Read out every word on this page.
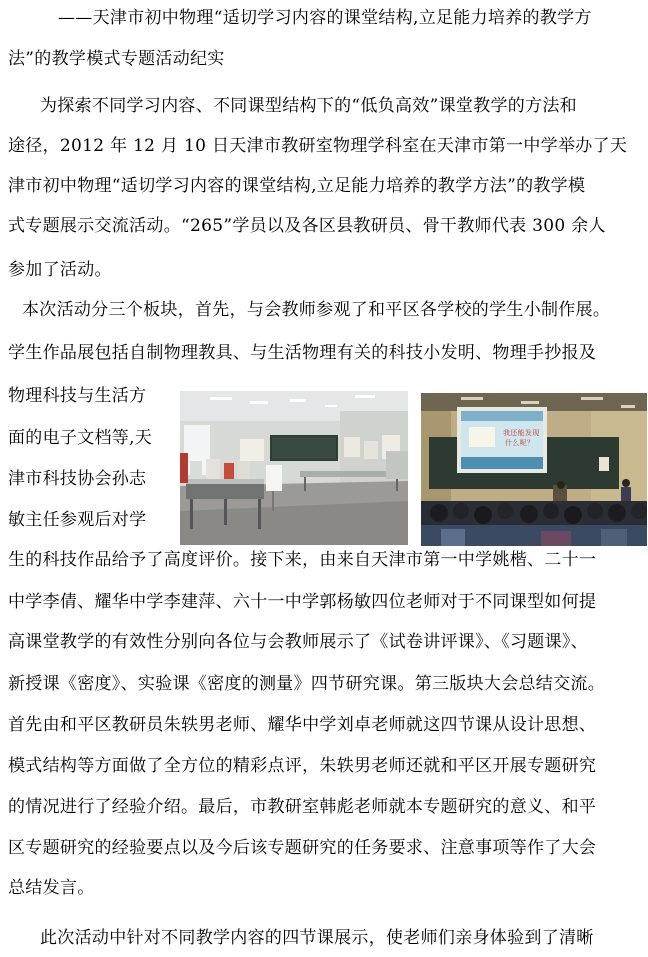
——天津市初中物理“适切学习内容的课堂结构,立足能力培养的教学方
法”的教学模式专题活动纪实
为探索不同学习内容、不同课型结构下的“低负高效”课堂教学的方法和
途径，2012 年 12 月 10 日天津市教研室物理学科室在天津市第一中学举办了天
津市初中物理“适切学习内容的课堂结构,立足能力培养的教学方法”的教学模
式专题展示交流活动。“265”学员以及各区县教研员、骨干教师代表 300 余人
参加了活动。
本次活动分三个板块，首先，与会教师参观了和平区各学校的学生小制作展。
学生作品展包括自制物理教具、与生活物理有关的科技小发明、物理手抄报及
物理科技与生活方
面的电子文档等,天
津市科技协会孙志
敏主任参观后对学
生的科技作品给予了高度评价。接下来，由来自天津市第一中学姚楷、二十一
中学李倩、耀华中学李建萍、六十一中学郭杨敏四位老师对于不同课型如何提
高课堂教学的有效性分别向各位与会教师展示了《试卷讲评课》、《习题课》、
新授课《密度》、实验课《密度的测量》四节研究课。第三版块大会总结交流。
首先由和平区教研员朱轶男老师、耀华中学刘卓老师就这四节课从设计思想、
模式结构等方面做了全方位的精彩点评，朱轶男老师还就和平区开展专题研究
的情况进行了经验介绍。最后，市教研室韩彪老师就本专题研究的意义、和平
区专题研究的经验要点以及今后该专题研究的任务要求、注意事项等作了大会
总结发言。
此次活动中针对不同教学内容的四节课展示，使老师们亲身体验到了清晰
我还能发现
什么呢？
